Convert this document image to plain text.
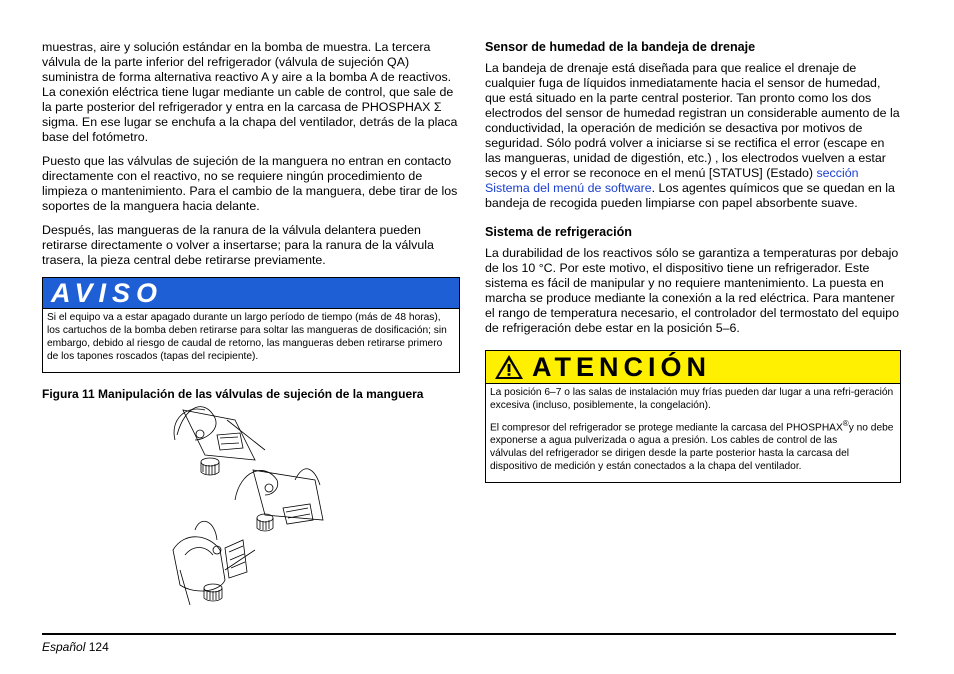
muestras, aire y solución estándar en la bomba de muestra. La tercera válvula de la parte inferior del refrigerador (válvula de sujeción QA) suministra de forma alternativa reactivo A y aire a la bomba A de reactivos. La conexión eléctrica tiene lugar mediante un cable de control, que sale de la parte posterior del refrigerador y entra en la carcasa de PHOSPHAX Σ sigma. En ese lugar se enchufa a la chapa del ventilador, detrás de la placa base del fotómetro.

Puesto que las válvulas de sujeción de la manguera no entran en contacto directamente con el reactivo, no se requiere ningún procedimiento de limpieza o mantenimiento. Para el cambio de la manguera, debe tirar de los soportes de la manguera hacia delante.

Después, las mangueras de la ranura de la válvula delantera pueden retirarse directamente o volver a insertarse; para la ranura de la válvula trasera, la pieza central debe retirarse previamente.

AVISO

Si el equipo va a estar apagado durante un largo período de tiempo (más de 48 horas), los cartuchos de la bomba deben retirarse para soltar las mangueras de dosificación; sin embargo, debido al riesgo de caudal de retorno, las mangueras deben retirarse primero de los tapones roscados (tapas del recipiente).

Figura 11 Manipulación de las válvulas de sujeción de la manguera
Sensor de humedad de la bandeja de drenaje

La bandeja de drenaje está diseñada para que realice el drenaje de cualquier fuga de líquidos inmediatamente hacia el sensor de humedad, que está situado en la parte central posterior. Tan pronto como los dos electrodos del sensor de humedad registran un considerable aumento de la conductividad, la operación de medición se desactiva por motivos de seguridad. Sólo podrá volver a iniciarse si se rectifica el error (escape en las mangueras, unidad de digestión, etc.) , los electrodos vuelven a estar secos y el error se reconoce en el menú [STATUS] (Estado) sección Sistema del menú de software. Los agentes químicos que se quedan en la bandeja de recogida pueden limpiarse con papel absorbente suave.

Sistema de refrigeración

La durabilidad de los reactivos sólo se garantiza a temperaturas por debajo de los 10 °C. Por este motivo, el dispositivo tiene un refrigerador. Este sistema es fácil de manipular y no requiere mantenimiento. La puesta en marcha se produce mediante la conexión a la red eléctrica. Para mantener el rango de temperatura necesario, el controlador del termostato del equipo de refrigeración debe estar en la posición 5–6.

ATENCIÓN

La posición 6–7 o las salas de instalación muy frías pueden dar lugar a una refri-geración excesiva (incluso, posiblemente, la congelación).

El compresor del refrigerador se protege mediante la carcasa del PHOSPHAX®y no debe exponerse a agua pulverizada o agua a presión. Los cables de control de las

válvulas del refrigerador se dirigen desde la parte posterior hasta la carcasa del dispositivo de medición y están conectados a la chapa del ventilador.

Español 124
